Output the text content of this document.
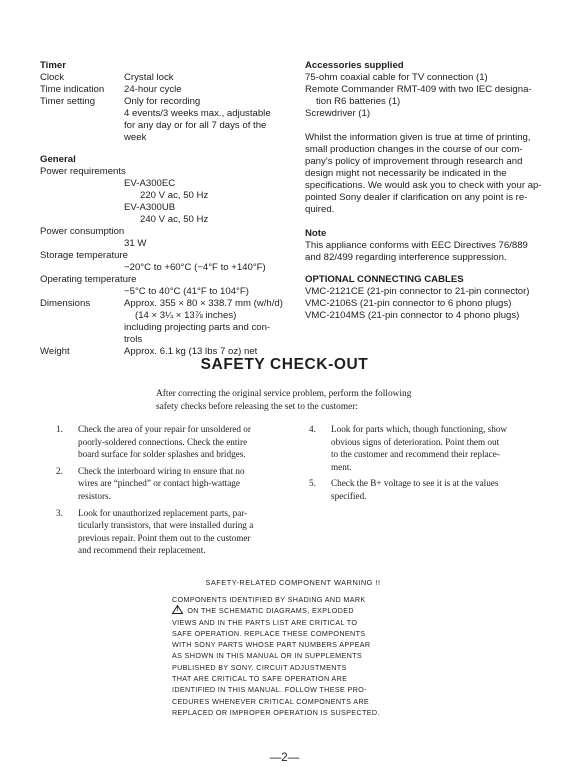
Timer
Clock	Crystal lock
Time indication	24-hour cycle
Timer setting	Only for recording
4 events/3 weeks max., adjustable
for any day or for all 7 days of the
week
General
Power requirements
EV-A300EC
220 V ac, 50 Hz
EV-A300UB
240 V ac, 50 Hz
Power consumption
31 W
Storage temperature
−20°C to +60°C (−4°F to +140°F)
Operating temperature
−5°C to 40°C (41°F to 104°F)
Dimensions	Approx. 355 × 80 × 338.7 mm (w/h/d)
(14 × 3¼ × 13⅞ inches)
including projecting parts and con-
trols
Weight	Approx. 6.1 kg (13 lbs 7 oz) net
Accessories supplied
75-ohm coaxial cable for TV connection (1)
Remote Commander RMT-409 with two IEC designa-
tion R6 batteries (1)
Screwdriver (1)
Whilst the information given is true at time of printing,
small production changes in the course of our com-
pany’s policy of improvement through research and
design might not necessarily be indicated in the
specifications. We would ask you to check with your ap-
pointed Sony dealer if clarification on any point is re-
quired.
Note
This appliance conforms with EEC Directives 76/889
and 82/499 regarding interference suppression.
OPTIONAL CONNECTING CABLES
VMC-2121CE (21-pin connector to 21-pin connector)
VMC-2106S (21-pin connector to 6 phono plugs)
VMC-2104MS (21-pin connector to 4 phono plugs)
SAFETY CHECK-OUT
After correcting the original service problem, perform the following
safety checks before releasing the set to the customer:
1.	Check the area of your repair for unsoldered or
poorly-soldered connections. Check the entire
board surface for solder splashes and bridges.
2.	Check the interboard wiring to ensure that no
wires are “pinched” or contact high-wattage
resistors.
3.	Look for unauthorized replacement parts, par-
ticularly transistors, that were installed during a
previous repair. Point them out to the customer
and recommend their replacement.
4.	Look for parts which, though functioning, show
obvious signs of deterioration. Point them out
to the customer and recommend their replace-
ment.
5.	Check the B+ voltage to see it is at the values
specified.
SAFETY-RELATED COMPONENT WARNING !!
COMPONENTS IDENTIFIED BY SHADING AND MARK
!	ON THE SCHEMATIC DIAGRAMS, EXPLODED
VIEWS AND IN THE PARTS LIST ARE CRITICAL TO
SAFE OPERATION. REPLACE THESE COMPONENTS
WITH SONY PARTS WHOSE PART NUMBERS APPEAR
AS SHOWN IN THIS MANUAL OR IN SUPPLEMENTS
PUBLISHED BY SONY. CIRCUIT ADJUSTMENTS
THAT ARE CRITICAL TO SAFE OPERATION ARE
IDENTIFIED IN THIS MANUAL. FOLLOW THESE PRO-
CEDURES WHENEVER CRITICAL COMPONENTS ARE
REPLACED OR IMPROPER OPERATION IS SUSPECTED.
—2—
